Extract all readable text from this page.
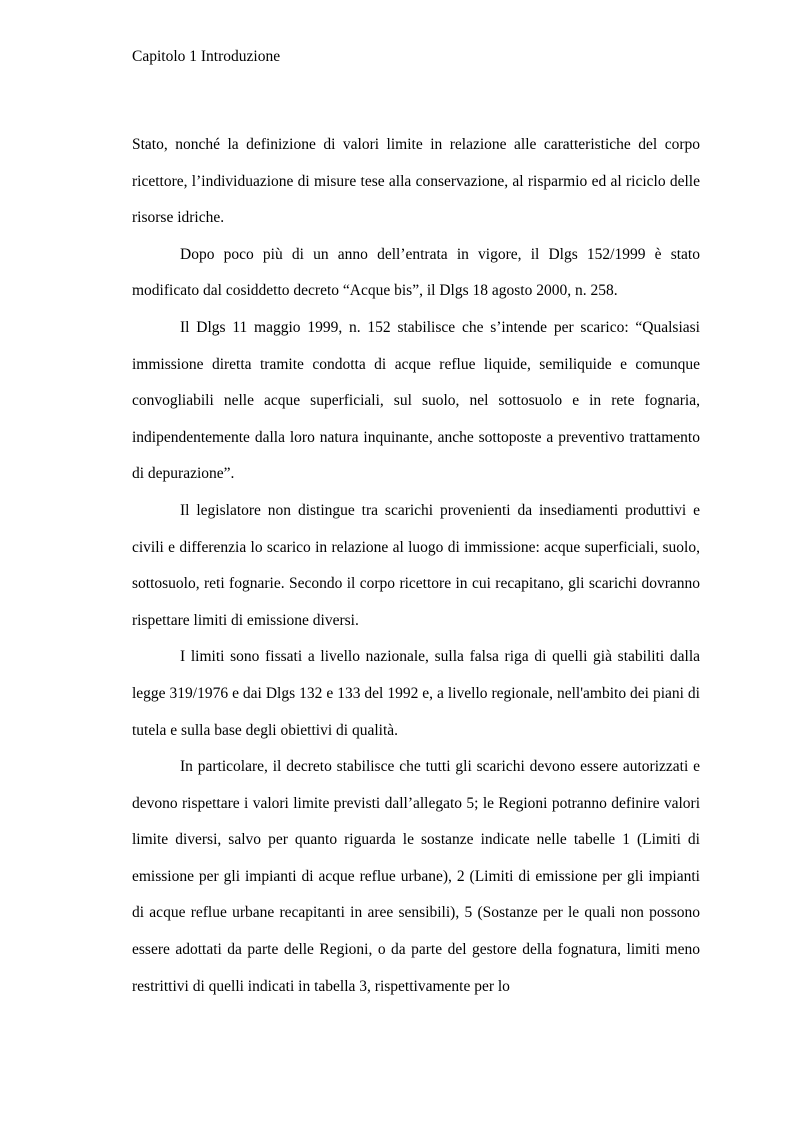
Capitolo 1 Introduzione

Stato, nonché la definizione di valori limite in relazione alle caratteristiche del corpo ricettore, l’individuazione di misure tese alla conservazione, al risparmio ed al riciclo delle risorse idriche.

Dopo poco più di un anno dell’entrata in vigore, il Dlgs 152/1999 è stato modificato dal cosiddetto decreto “Acque bis”, il Dlgs 18 agosto 2000, n. 258.

Il Dlgs 11 maggio 1999, n. 152 stabilisce che s’intende per scarico: “Qualsiasi immissione diretta tramite condotta di acque reflue liquide, semiliquide e comunque convogliabili nelle acque superficiali, sul suolo, nel sottosuolo e in rete fognaria, indipendentemente dalla loro natura inquinante, anche sottoposte a preventivo trattamento di depurazione”.

Il legislatore non distingue tra scarichi provenienti da insediamenti produttivi e civili e differenzia lo scarico in relazione al luogo di immissione: acque superficiali, suolo, sottosuolo, reti fognarie. Secondo il corpo ricettore in cui recapitano, gli scarichi dovranno rispettare limiti di emissione diversi.

I limiti sono fissati a livello nazionale, sulla falsa riga di quelli già stabiliti dalla legge 319/1976 e dai Dlgs 132 e 133 del 1992 e, a livello regionale, nell'ambito dei piani di tutela e sulla base degli obiettivi di qualità.

In particolare, il decreto stabilisce che tutti gli scarichi devono essere autorizzati e devono rispettare i valori limite previsti dall’allegato 5; le Regioni potranno definire valori limite diversi, salvo per quanto riguarda le sostanze indicate nelle tabelle 1 (Limiti di emissione per gli impianti di acque reflue urbane), 2 (Limiti di emissione per gli impianti di acque reflue urbane recapitanti in aree sensibili), 5 (Sostanze per le quali non possono essere adottati da parte delle Regioni, o da parte del gestore della fognatura, limiti meno restrittivi di quelli indicati in tabella 3, rispettivamente per lo
